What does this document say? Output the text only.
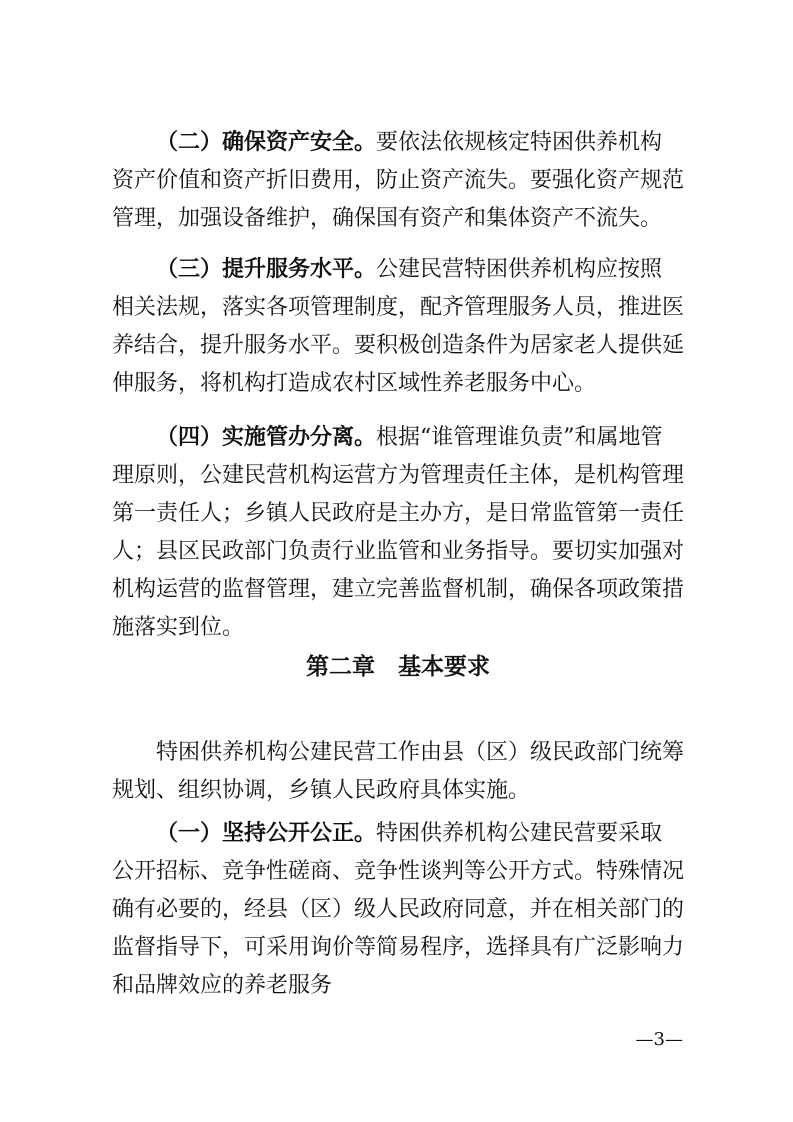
（二）确保资产安全。要依法依规核定特困供养机构资产价值和资产折旧费用，防止资产流失。要强化资产规范管理，加强设备维护，确保国有资产和集体资产不流失。

（三）提升服务水平。公建民营特困供养机构应按照相关法规，落实各项管理制度，配齐管理服务人员，推进医养结合，提升服务水平。要积极创造条件为居家老人提供延伸服务，将机构打造成农村区域性养老服务中心。

（四）实施管办分离。根据“谁管理谁负责”和属地管理原则，公建民营机构运营方为管理责任主体，是机构管理第一责任人；乡镇人民政府是主办方，是日常监管第一责任人；县区民政部门负责行业监管和业务指导。要切实加强对机构运营的监督管理，建立完善监督机制，确保各项政策措施落实到位。

第二章　基本要求

特困供养机构公建民营工作由县（区）级民政部门统筹规划、组织协调，乡镇人民政府具体实施。

（一）坚持公开公正。特困供养机构公建民营要采取公开招标、竞争性磋商、竞争性谈判等公开方式。特殊情况确有必要的，经县（区）级人民政府同意，并在相关部门的监督指导下，可采用询价等简易程序，选择具有广泛影响力和品牌效应的养老服务

—3—
